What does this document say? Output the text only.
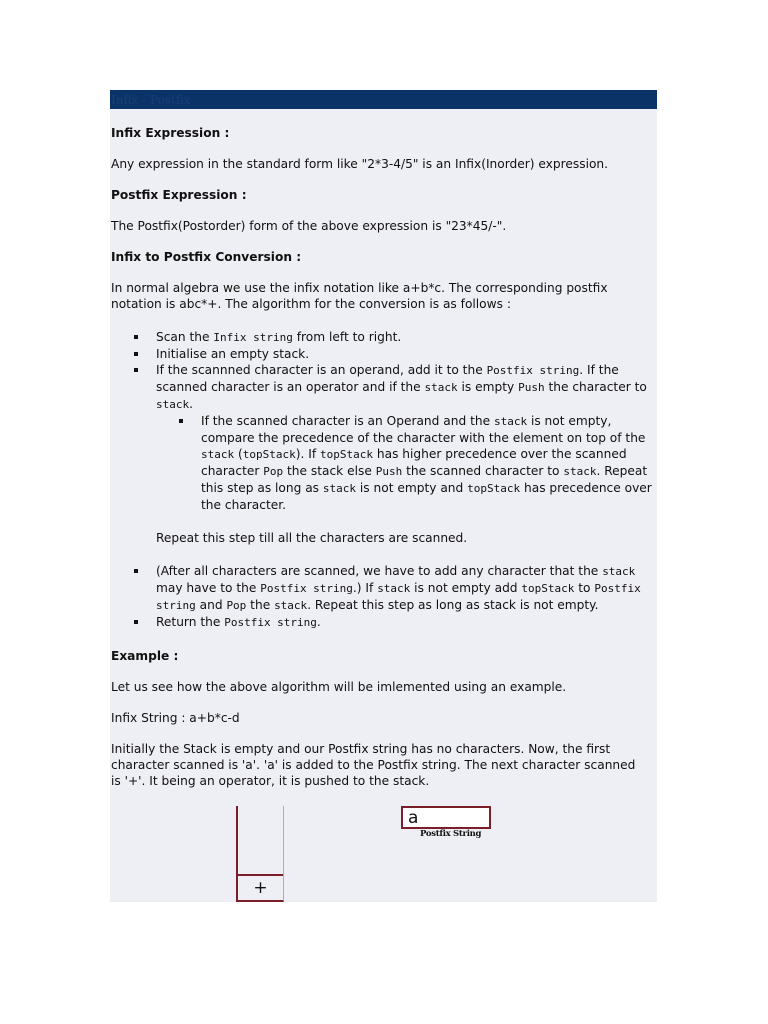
Infix - Postfix

Infix Expression :

Any expression in the standard form like "2*3-4/5" is an Infix(Inorder) expression.

Postfix Expression :

The Postfix(Postorder) form of the above expression is "23*45/-".

Infix to Postfix Conversion :

In normal algebra we use the infix notation like a+b*c. The corresponding postfix

notation is abc*+. The algorithm for the conversion is as follows :

Scan the Infix string from left to right.
Initialise an empty stack.
If the scannned character is an operand, add it to the Postfix string. If the scanned character is an operator and if the stack is empty Push the character to stack.
If the scanned character is an Operand and the stack is not empty, compare the precedence of the character with the element on top of the stack (topStack). If topStack has higher precedence over the scanned character Pop the stack else Push the scanned character to stack. Repeat this step as long as stack is not empty and topStack has precedence over the character.

Repeat this step till all the characters are scanned.

(After all characters are scanned, we have to add any character that the stack may have to the Postfix string.) If stack is not empty add topStack to Postfix string and Pop the stack. Repeat this step as long as stack is not empty.
Return the Postfix string.

Example :

Let us see how the above algorithm will be imlemented using an example.

Infix String : a+b*c-d

Initially the Stack is empty and our Postfix string has no characters. Now, the first

character scanned is 'a'. 'a' is added to the Postfix string. The next character scanned

is '+'. It being an operator, it is pushed to the stack.

+
a
Postfix String
